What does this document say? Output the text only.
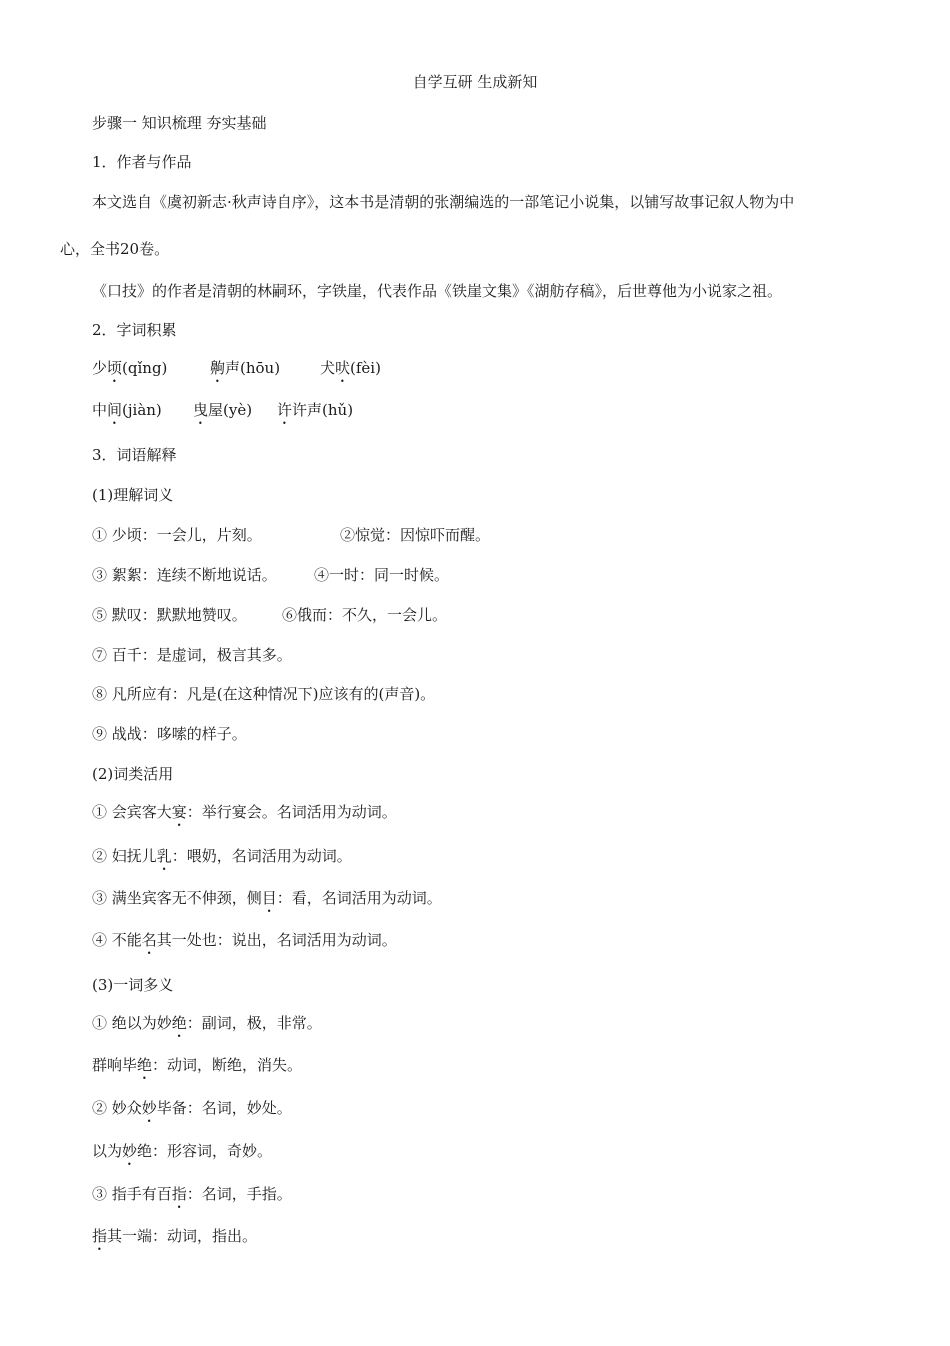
自学互研 生成新知
步骤一 知识梳理 夯实基础
1．作者与作品
本文选自《虞初新志·秋声诗自序》，这本书是清朝的张潮编选的一部笔记小说集，以铺写故事记叙人物为中
心，全书20卷。
《口技》的作者是清朝的林嗣环，字铁崖，代表作品《铁崖文集》《湖舫存稿》，后世尊他为小说家之祖。
2．字词积累
少顷(qǐng)	齁声(hōu)	犬吠(fèi)
中间(jiàn) 曳屋(yè) 许许声(hǔ)
3．词语解释
(1)理解词义
① 少顷：一会儿，片刻。	②惊觉：因惊吓而醒。
③ 絮絮：连续不断地说话。 ④一时：同一时候。
⑤ 默叹：默默地赞叹。 ⑥俄而：不久，一会儿。
⑦ 百千：是虚词，极言其多。
⑧ 凡所应有：凡是(在这种情况下)应该有的(声音)。
⑨ 战战：哆嗦的样子。
(2)词类活用
① 会宾客大宴：举行宴会。名词活用为动词。
② 妇抚儿乳：喂奶，名词活用为动词。
③ 满坐宾客无不伸颈，侧目：看，名词活用为动词。
④ 不能名其一处也：说出，名词活用为动词。
(3)一词多义
① 绝以为妙绝：副词，极，非常。
群响毕绝：动词，断绝，消失。
② 妙众妙毕备：名词，妙处。
以为妙绝：形容词，奇妙。
③ 指手有百指：名词，手指。
指其一端：动词，指出。
